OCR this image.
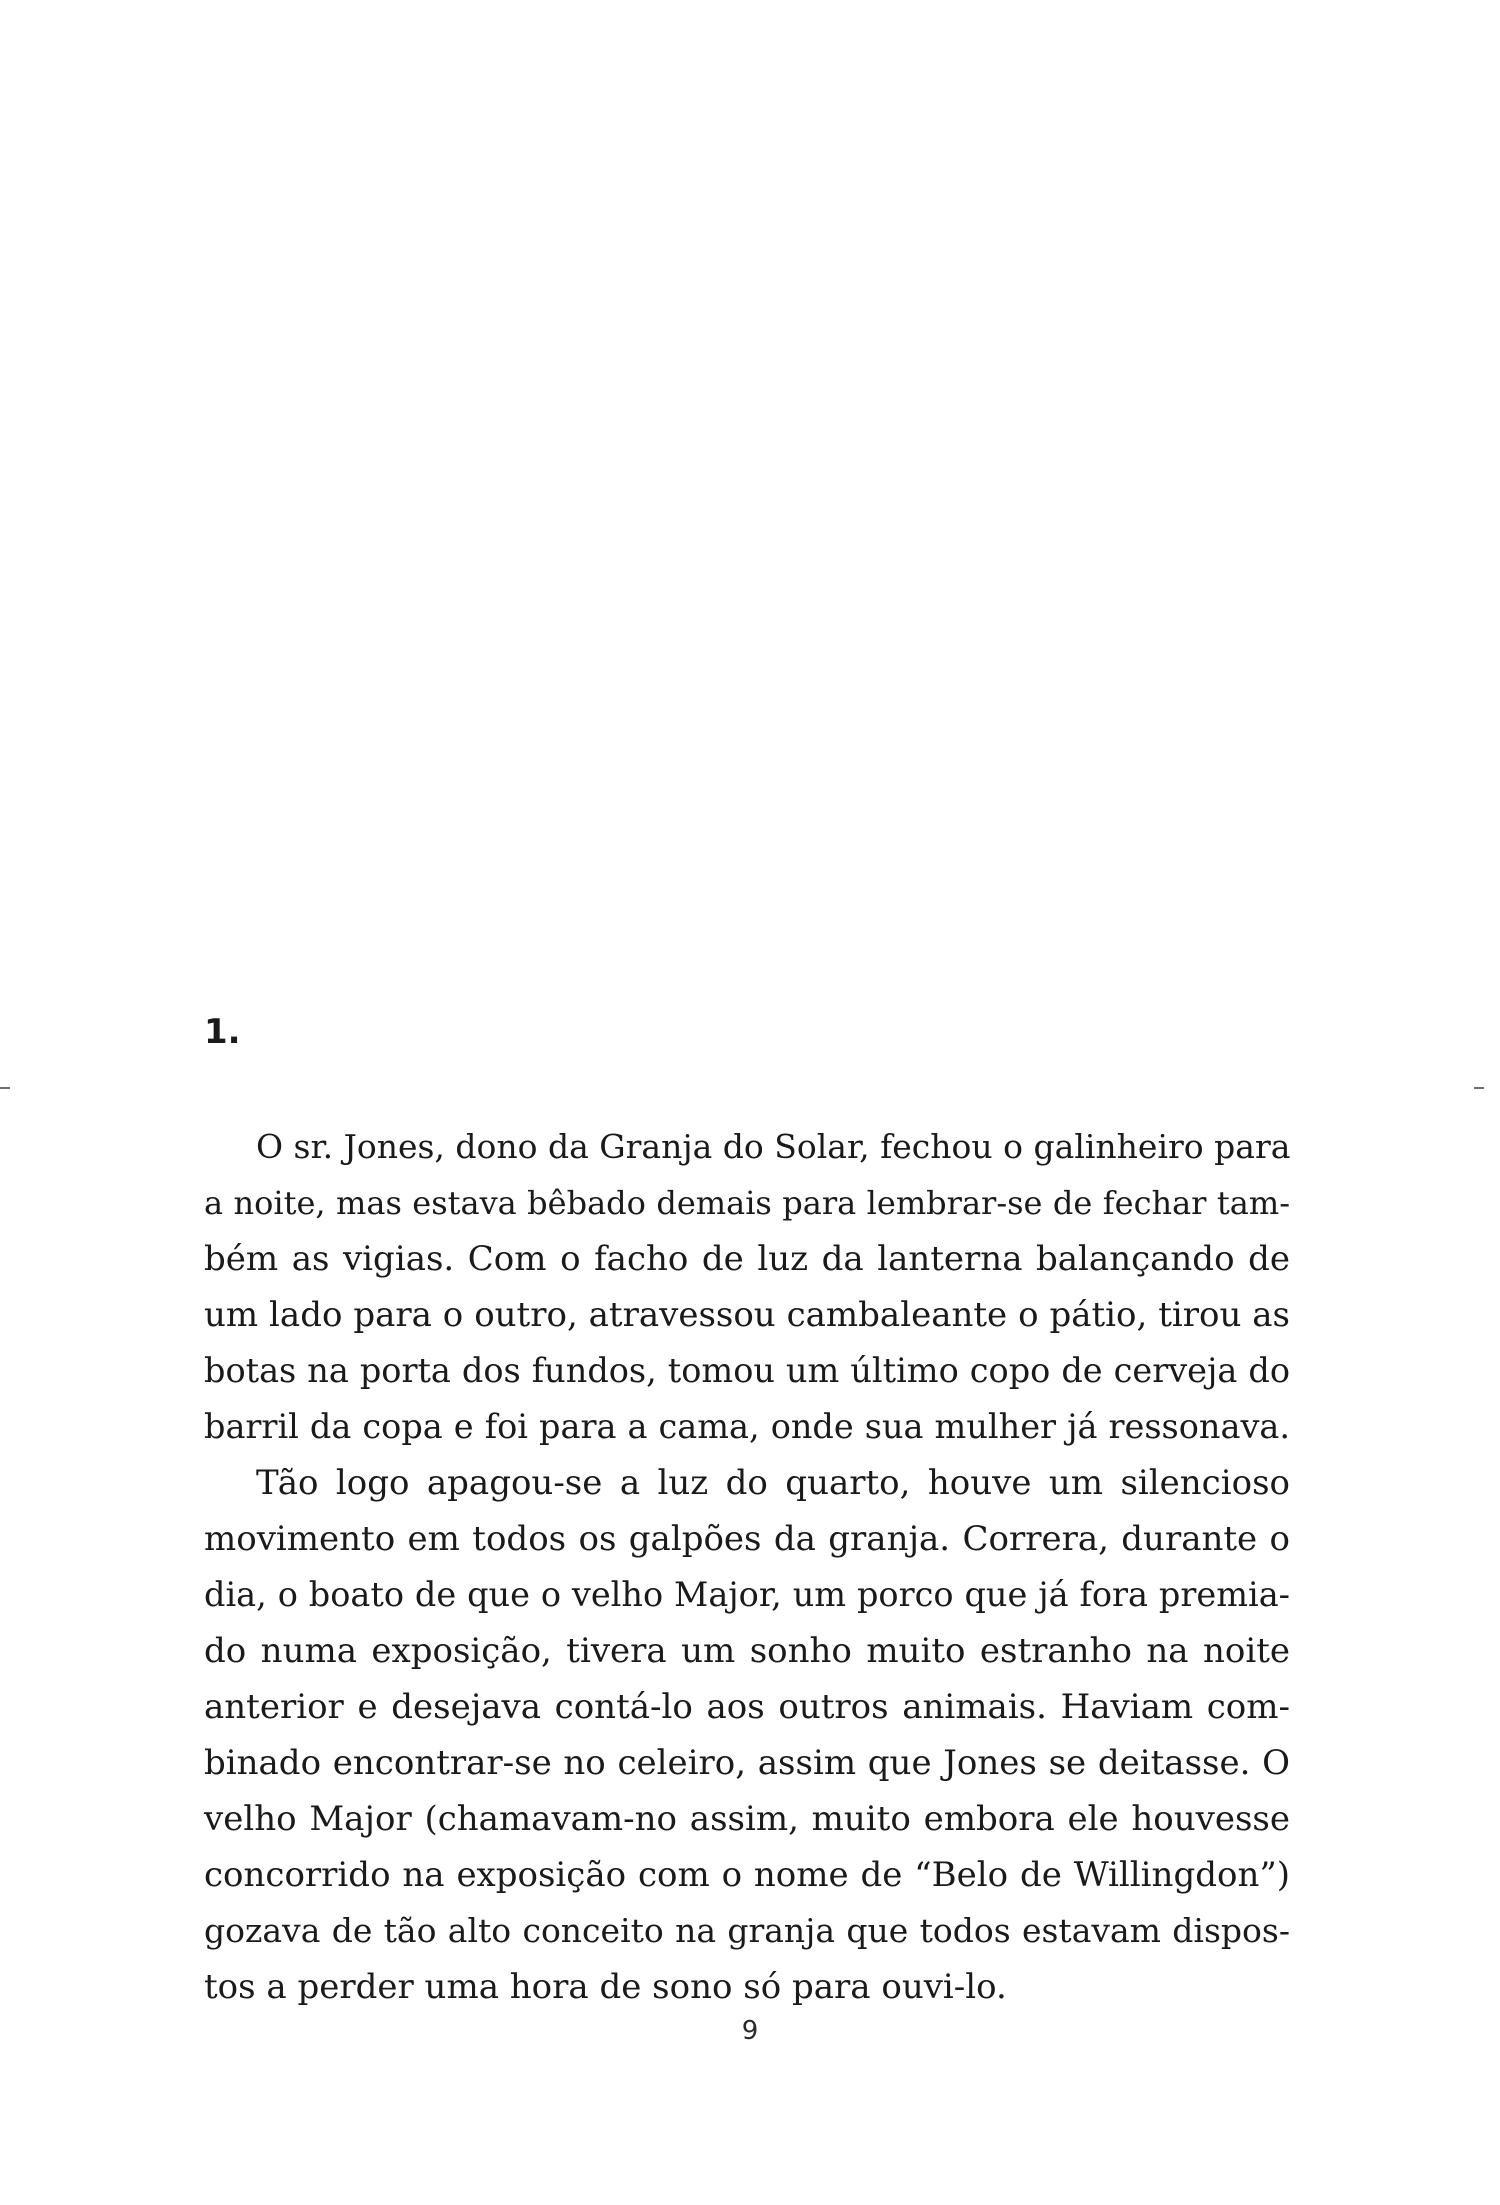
1.
O sr. Jones, dono da Granja do Solar, fechou o galinheiro para
a noite, mas estava bêbado demais para lembrar-se de fechar tam-
bém as vigias. Com o facho de luz da lanterna balançando de
um lado para o outro, atravessou cambaleante o pátio, tirou as
botas na porta dos fundos, tomou um último copo de cerveja do
barril da copa e foi para a cama, onde sua mulher já ressonava.
Tão logo apagou-se a luz do quarto, houve um silencioso
movimento em todos os galpões da granja. Correra, durante o
dia, o boato de que o velho Major, um porco que já fora premia-
do numa exposição, tivera um sonho muito estranho na noite
anterior e desejava contá-lo aos outros animais. Haviam com-
binado encontrar-se no celeiro, assim que Jones se deitasse. O
velho Major (chamavam-no assim, muito embora ele houvesse
concorrido na exposição com o nome de “Belo de Willingdon”)
gozava de tão alto conceito na granja que todos estavam dispos-
tos a perder uma hora de sono só para ouvi-lo.
9
